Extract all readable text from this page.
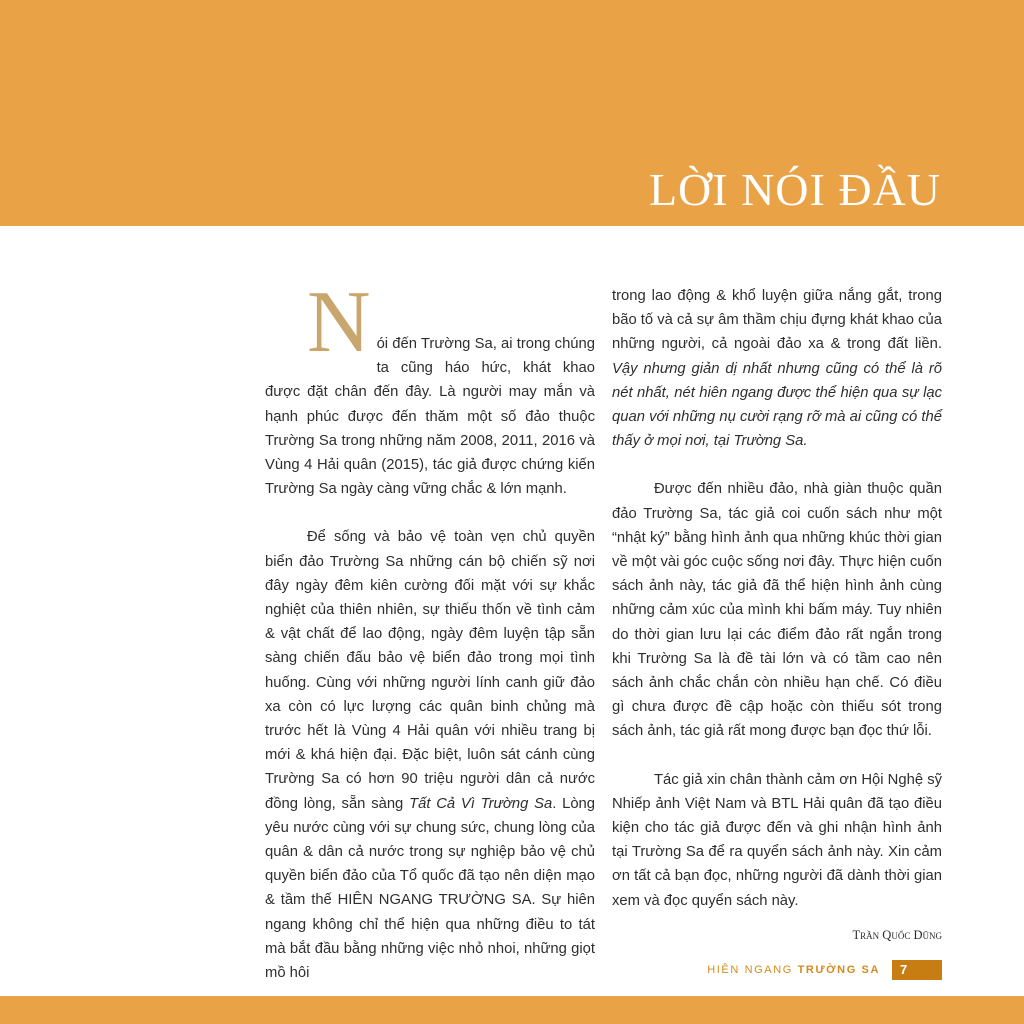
LỜI NÓI ĐẦU

N ói đến Trường Sa, ai trong chúng ta cũng háo hức, khát khao được đặt chân đến đây. Là người may mắn và hạnh phúc được đến thăm một số đảo thuộc Trường Sa trong những năm 2008, 2011, 2016 và Vùng 4 Hải quân (2015), tác giả được chứng kiến Trường Sa ngày càng vững chắc & lớn mạnh.

Để sống và bảo vệ toàn vẹn chủ quyền biển đảo Trường Sa những cán bộ chiến sỹ nơi đây ngày đêm kiên cường đối mặt với sự khắc nghiệt của thiên nhiên, sự thiếu thốn về tình cảm & vật chất để lao động, ngày đêm luyện tập sẵn sàng chiến đấu bảo vệ biển đảo trong mọi tình huống. Cùng với những người lính canh giữ đảo xa còn có lực lượng các quân binh chủng mà trước hết là Vùng 4 Hải quân với nhiều trang bị mới & khá hiện đại. Đặc biệt, luôn sát cánh cùng Trường Sa có hơn 90 triệu người dân cả nước đồng lòng, sẵn sàng Tất Cả Vì Trường Sa. Lòng yêu nước cùng với sự chung sức, chung lòng của quân & dân cả nước trong sự nghiệp bảo vệ chủ quyền biển đảo của Tổ quốc đã tạo nên diện mạo & tầm thế HIÊN NGANG TRƯỜNG SA. Sự hiên ngang không chỉ thể hiện qua những điều to tát mà bắt đầu bằng những việc nhỏ nhoi, những giọt mồ hôi

trong lao động & khổ luyện giữa nắng gắt, trong bão tố và cả sự âm thầm chịu đựng khát khao của những người, cả ngoài đảo xa & trong đất liền. Vậy nhưng giản dị nhất nhưng cũng có thể là rõ nét nhất, nét hiên ngang được thể hiện qua sự lạc quan với những nụ cười rạng rỡ mà ai cũng có thể thấy ở mọi nơi, tại Trường Sa.

Được đến nhiều đảo, nhà giàn thuộc quần đảo Trường Sa, tác giả coi cuốn sách như một “nhật ký” bằng hình ảnh qua những khúc thời gian về một vài góc cuộc sống nơi đây. Thực hiện cuốn sách ảnh này, tác giả đã thể hiện hình ảnh cùng những cảm xúc của mình khi bấm máy. Tuy nhiên do thời gian lưu lại các điểm đảo rất ngắn trong khi Trường Sa là đề tài lớn và có tầm cao nên sách ảnh chắc chắn còn nhiều hạn chế. Có điều gì chưa được đề cập hoặc còn thiếu sót trong sách ảnh, tác giả rất mong được bạn đọc thứ lỗi.

Tác giả xin chân thành cảm ơn Hội Nghệ sỹ Nhiếp ảnh Việt Nam và BTL Hải quân đã tạo điều kiện cho tác giả được đến và ghi nhận hình ảnh tại Trường Sa để ra quyển sách ảnh này. Xin cảm ơn tất cả bạn đọc, những người đã dành thời gian xem và đọc quyển sách này.

Trần Quốc Dũng
HIÊN NGANG TRƯỜNG SA	7
